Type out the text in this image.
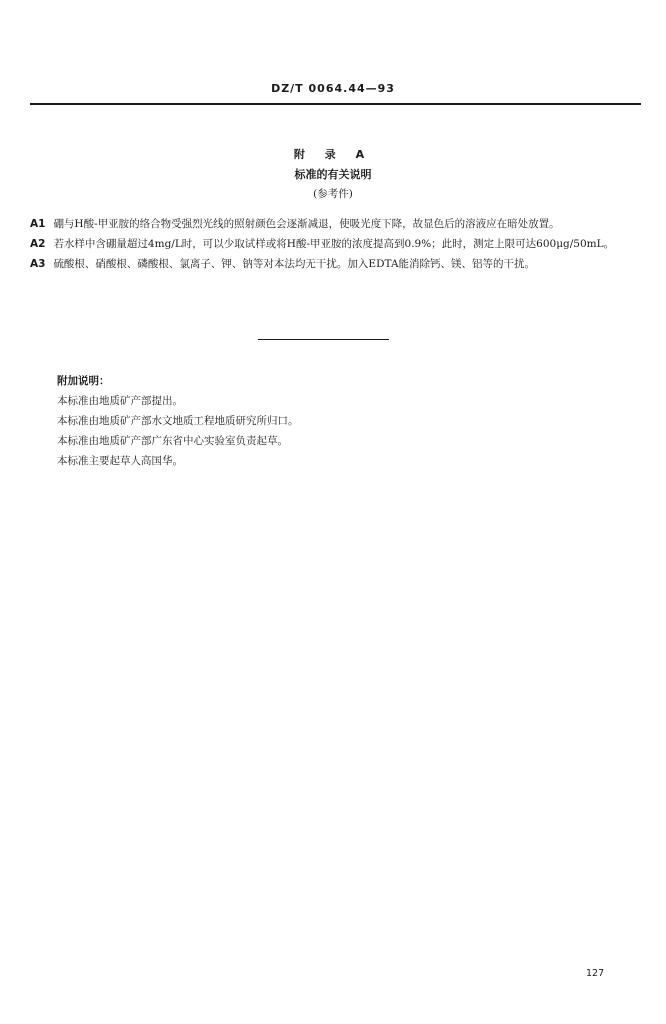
DZ/T 0064.44—93
附 录 A
标准的有关说明
(参考件)

A1 硼与H酸-甲亚胺的络合物受强烈光线的照射颜色会逐渐减退，使吸光度下降，故显色后的溶液应在暗处放置。

A2 若水样中含硼量超过4mg/L时，可以少取试样或将H酸-甲亚胺的浓度提高到0.9%；此时，测定上限可达600μg/50mL。

A3 硫酸根、硝酸根、磷酸根、氯离子、钾、钠等对本法均无干扰。加入EDTA能消除钙、镁、铝等的干扰。

附加说明：

本标准由地质矿产部提出。

本标准由地质矿产部水文地质工程地质研究所归口。

本标准由地质矿产部广东省中心实验室负责起草。

本标准主要起草人高国华。

127
